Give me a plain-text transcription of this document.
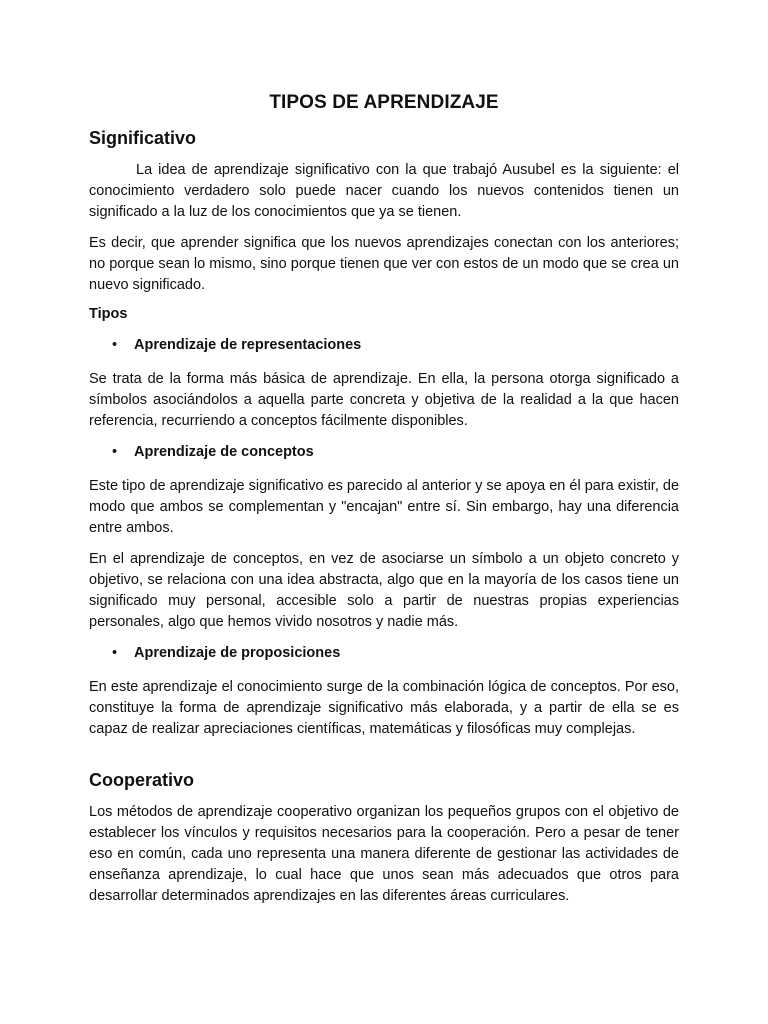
TIPOS DE APRENDIZAJE
Significativo

La idea de aprendizaje significativo con la que trabajó Ausubel es la siguiente: el conocimiento verdadero solo puede nacer cuando los nuevos contenidos tienen un significado a la luz de los conocimientos que ya se tienen.

Es decir, que aprender significa que los nuevos aprendizajes conectan con los anteriores; no porque sean lo mismo, sino porque tienen que ver con estos de un modo que se crea un nuevo significado.

Tipos
• Aprendizaje de representaciones

Se trata de la forma más básica de aprendizaje. En ella, la persona otorga significado a símbolos asociándolos a aquella parte concreta y objetiva de la realidad a la que hacen referencia, recurriendo a conceptos fácilmente disponibles.

• Aprendizaje de conceptos

Este tipo de aprendizaje significativo es parecido al anterior y se apoya en él para existir, de modo que ambos se complementan y "encajan" entre sí. Sin embargo, hay una diferencia entre ambos.

En el aprendizaje de conceptos, en vez de asociarse un símbolo a un objeto concreto y objetivo, se relaciona con una idea abstracta, algo que en la mayoría de los casos tiene un significado muy personal, accesible solo a partir de nuestras propias experiencias personales, algo que hemos vivido nosotros y nadie más.

• Aprendizaje de proposiciones

En este aprendizaje el conocimiento surge de la combinación lógica de conceptos. Por eso, constituye la forma de aprendizaje significativo más elaborada, y a partir de ella se es capaz de realizar apreciaciones científicas, matemáticas y filosóficas muy complejas.

Cooperativo

Los métodos de aprendizaje cooperativo organizan los pequeños grupos con el objetivo de establecer los vínculos y requisitos necesarios para la cooperación. Pero a pesar de tener eso en común, cada uno representa una manera diferente de gestionar las actividades de enseñanza aprendizaje, lo cual hace que unos sean más adecuados que otros para desarrollar determinados aprendizajes en las diferentes áreas curriculares.
